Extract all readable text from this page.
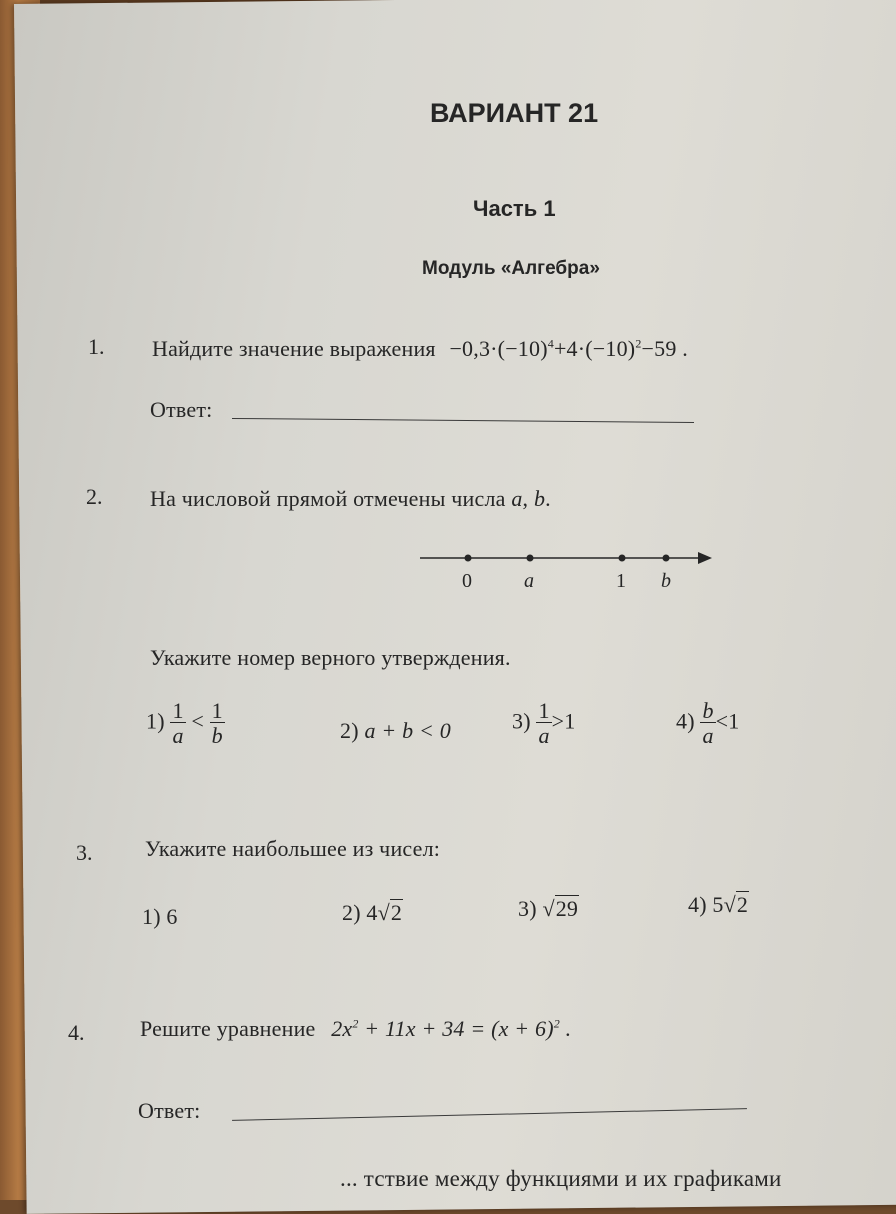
ВАРИАНТ 21
Часть 1
Модуль «Алгебра»
1. Найдите значение выражения $-0,3\cdot(-10)^4+4\cdot(-10)^2-59$ .
Ответ:
2. На числовой прямой отмечены числа a, b.
0	a	1 b
Укажите номер верного утверждения.
$1) \frac{1}{a} < \frac{1}{b}$	2) a + b < 0	$3) \frac{1}{a} >1$	$4) \frac{b}{a} <1$
3. Укажите наибольшее из чисел:
1) 6	2) 4√2	3) √29	4) 5√2
4.	Решите уравнение $2x^2 + 11x + 34 = (x + 6)^2$ .
Ответ:
... тствие между функциями и их графиками
